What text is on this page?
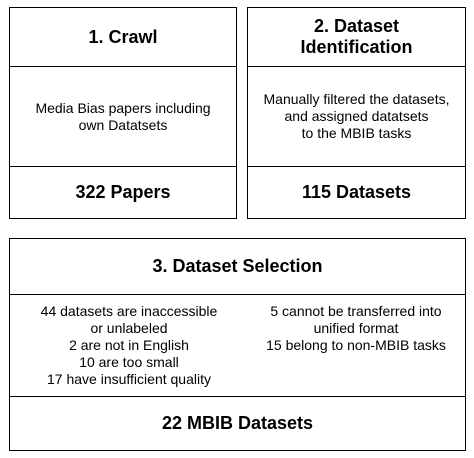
1. Crawl
Media Bias papers including
own Datatsets
322 Papers
2. Dataset
Identification
Manually filtered the datasets,
and assigned datatsets
to the MBIB tasks
115 Datasets
3. Dataset Selection
44 datasets are inaccessible
or unlabeled
2 are not in English
10 are too small
17 have insufficient quality
5 cannot be transferred into
unified format
15 belong to non-MBIB tasks
22 MBIB Datasets
